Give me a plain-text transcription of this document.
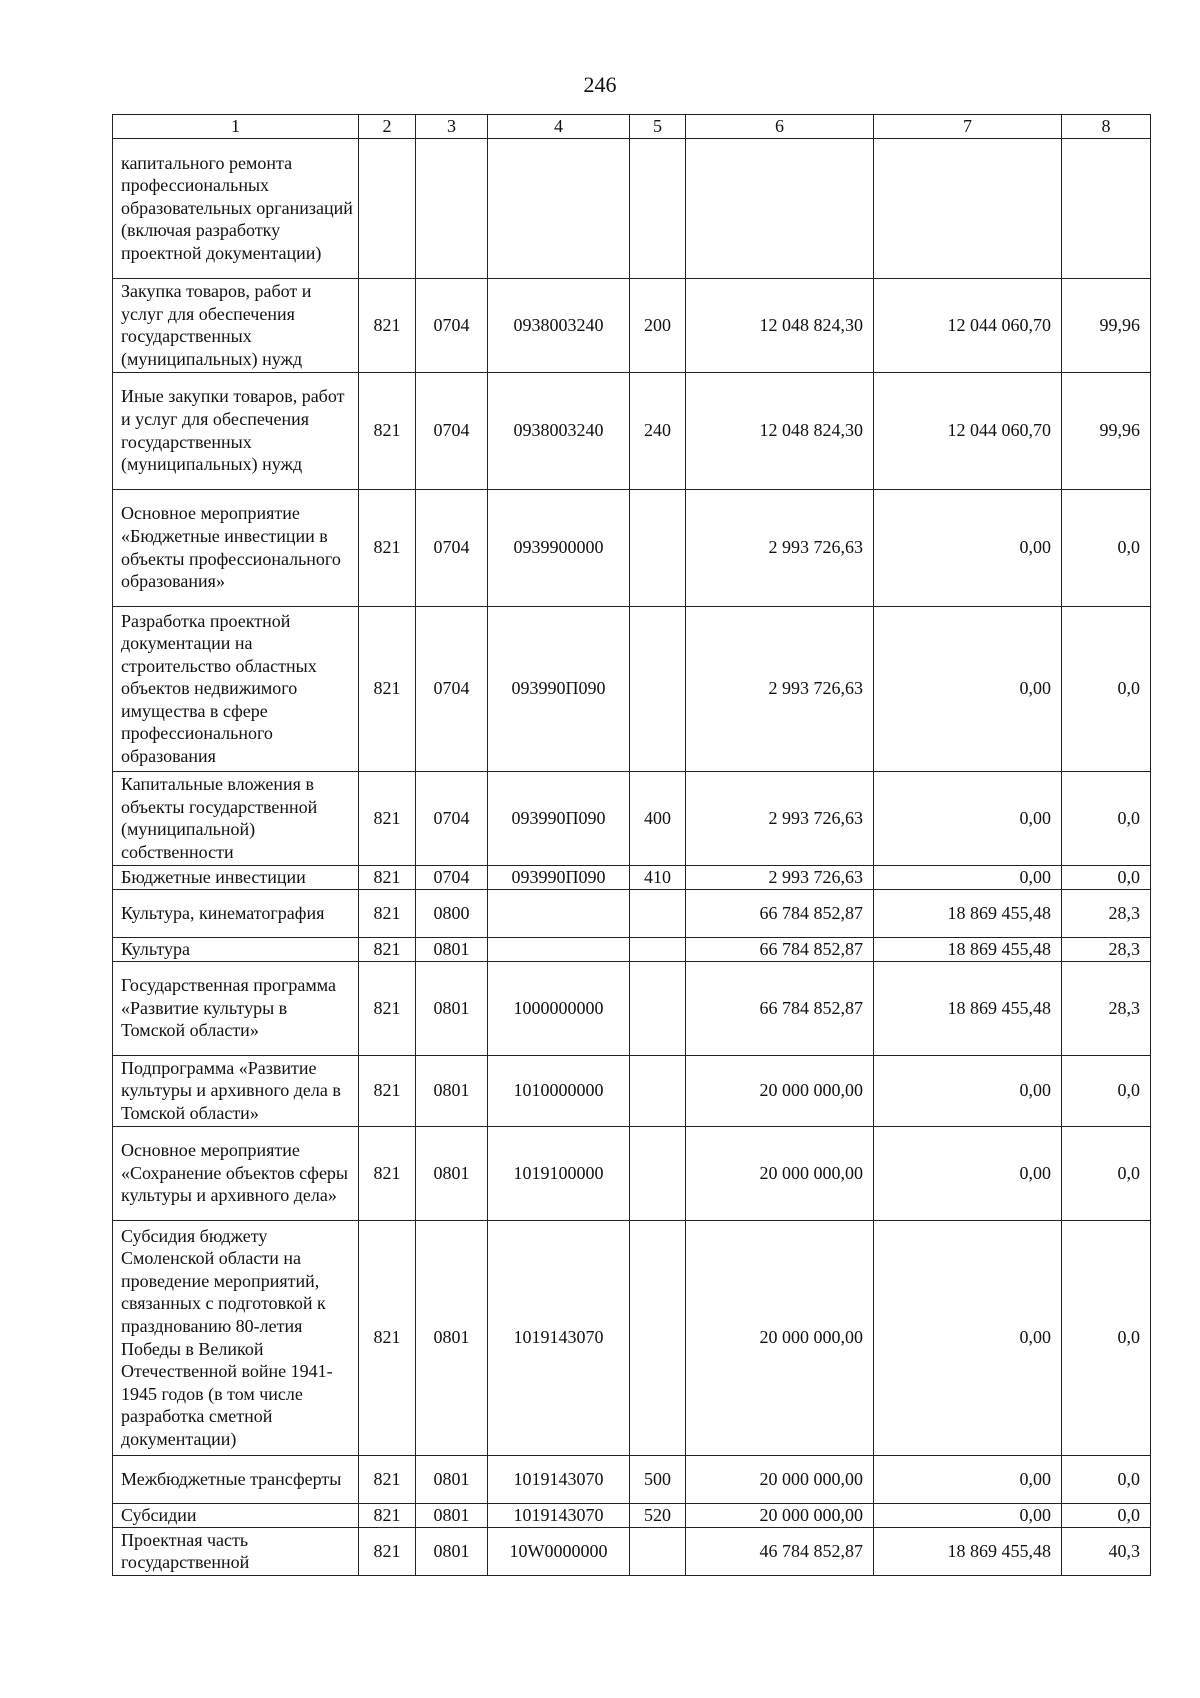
246
1	2	3	4	5	6	7	8
капитального ремонта профессиональных образовательных организаций (включая разработку проектной документации)							
Закупка товаров, работ и услуг для обеспечения государственных (муниципальных) нужд	821	0704	0938003240	200	12 048 824,30	12 044 060,70	99,96
Иные закупки товаров, работ и услуг для обеспечения государственных (муниципальных) нужд	821	0704	0938003240	240	12 048 824,30	12 044 060,70	99,96
Основное мероприятие «Бюджетные инвестиции в объекты профессионального образования»	821	0704	0939900000		2 993 726,63	0,00	0,0
Разработка проектной документации на строительство областных объектов недвижимого имущества в сфере профессионального образования	821	0704	093990П090		2 993 726,63	0,00	0,0
Капитальные вложения в объекты государственной (муниципальной) собственности	821	0704	093990П090	400	2 993 726,63	0,00	0,0
Бюджетные инвестиции	821	0704	093990П090	410	2 993 726,63	0,00	0,0
Культура, кинематография	821	0800			66 784 852,87	18 869 455,48	28,3
Культура	821	0801			66 784 852,87	18 869 455,48	28,3
Государственная программа «Развитие культуры в Томской области»	821	0801	1000000000		66 784 852,87	18 869 455,48	28,3
Подпрограмма «Развитие культуры и архивного дела в Томской области»	821	0801	1010000000		20 000 000,00	0,00	0,0
Основное мероприятие «Сохранение объектов сферы культуры и архивного дела»	821	0801	1019100000		20 000 000,00	0,00	0,0
Субсидия бюджету Смоленской области на проведение мероприятий, связанных с подготовкой к празднованию 80-летия Победы в Великой Отечественной войне 1941-1945 годов (в том числе разработка сметной документации)	821	0801	1019143070		20 000 000,00	0,00	0,0
Межбюджетные трансферты	821	0801	1019143070	500	20 000 000,00	0,00	0,0
Субсидии	821	0801	1019143070	520	20 000 000,00	0,00	0,0
Проектная часть государственной	821	0801	10W0000000		46 784 852,87	18 869 455,48	40,3
